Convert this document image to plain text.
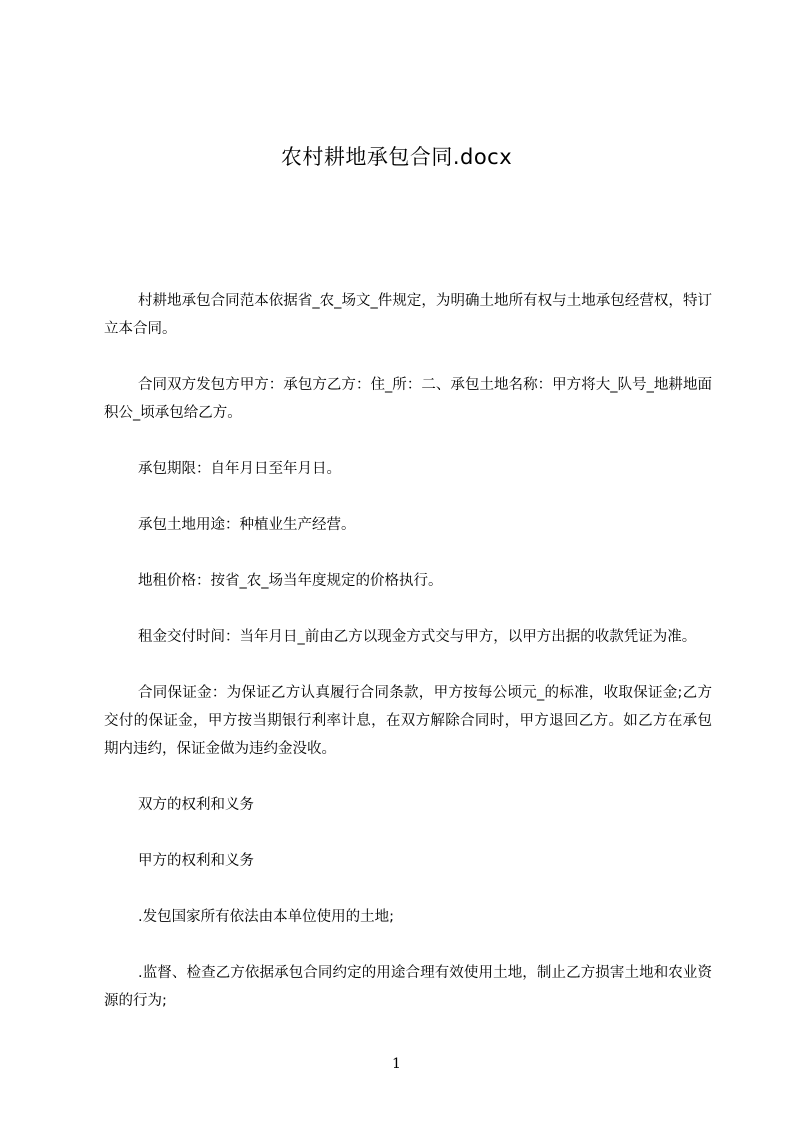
农村耕地承包合同.docx

村耕地承包合同范本依据省_农_场文_件规定，为明确土地所有权与土地承包经营权，特订立本合同。

合同双方发包方甲方：承包方乙方：住_所：二、承包土地名称：甲方将大_队号_地耕地面积公_顷承包给乙方。

承包期限：自年月日至年月日。

承包土地用途：种植业生产经营。

地租价格：按省_农_场当年度规定的价格执行。

租金交付时间：当年月日_前由乙方以现金方式交与甲方，以甲方出据的收款凭证为准。

合同保证金：为保证乙方认真履行合同条款，甲方按每公顷元_的标准，收取保证金;乙方交付的保证金，甲方按当期银行利率计息，在双方解除合同时，甲方退回乙方。如乙方在承包期内违约，保证金做为违约金没收。

双方的权利和义务

甲方的权利和义务

.发包国家所有依法由本单位使用的土地;

.监督、检查乙方依据承包合同约定的用途合理有效使用土地，制止乙方损害土地和农业资源的行为;

1
